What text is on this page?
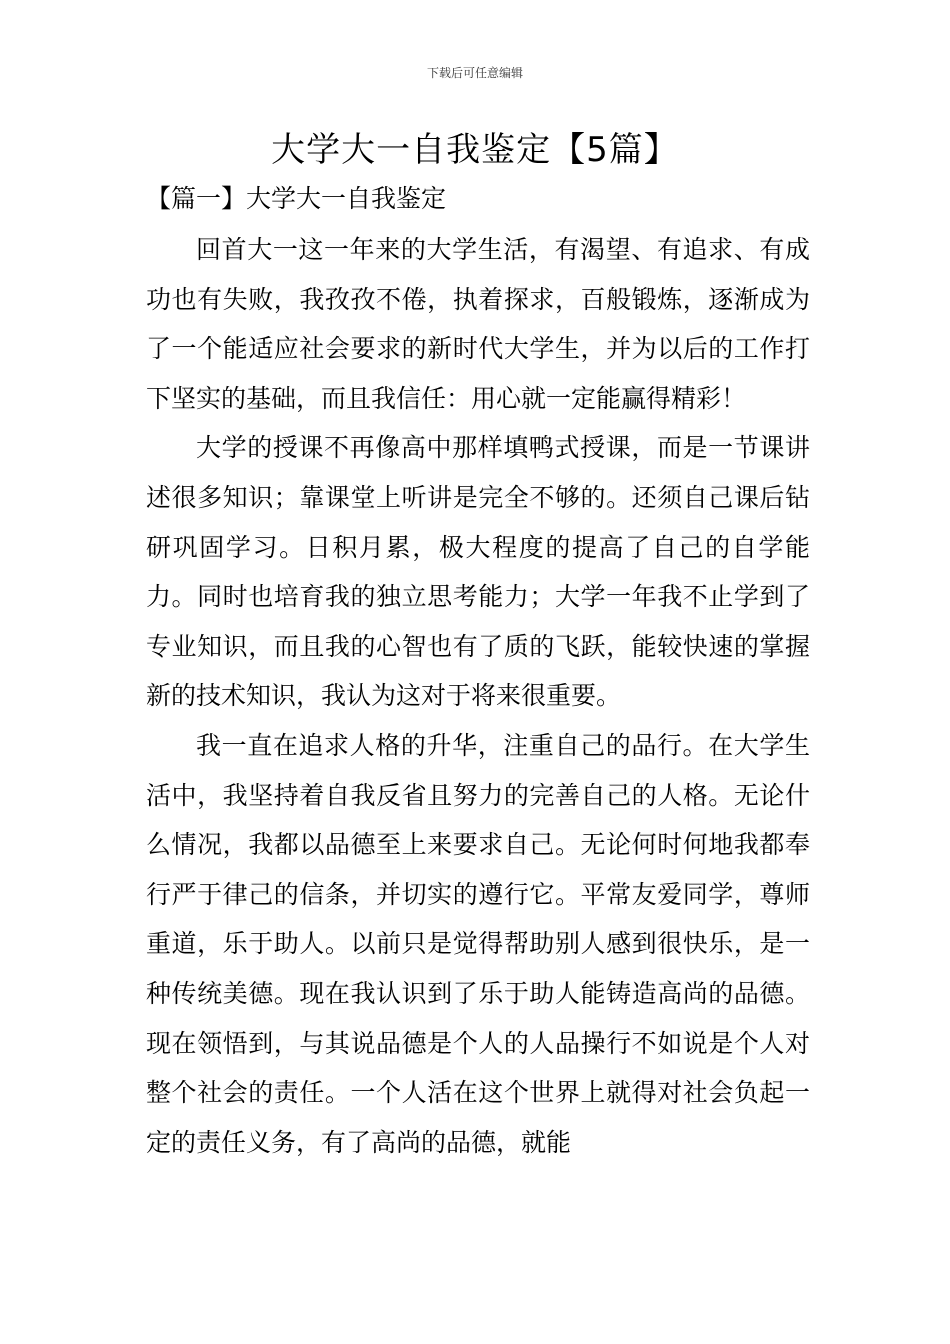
下载后可任意编辑
大学大一自我鉴定【5篇】
【篇一】大学大一自我鉴定

回首大一这一年来的大学生活，有渴望、有追求、有成功也有失败，我孜孜不倦，执着探求，百般锻炼，逐渐成为了一个能适应社会要求的新时代大学生，并为以后的工作打下坚实的基础，而且我信任：用心就一定能赢得精彩！

大学的授课不再像高中那样填鸭式授课，而是一节课讲述很多知识；靠课堂上听讲是完全不够的。还须自己课后钻研巩固学习。日积月累，极大程度的提高了自己的自学能力。同时也培育我的独立思考能力；大学一年我不止学到了专业知识，而且我的心智也有了质的飞跃，能较快速的掌握新的技术知识，我认为这对于将来很重要。

我一直在追求人格的升华，注重自己的品行。在大学生活中，我坚持着自我反省且努力的完善自己的人格。无论什么情况，我都以品德至上来要求自己。无论何时何地我都奉行严于律己的信条，并切实的遵行它。平常友爱同学，尊师重道，乐于助人。以前只是觉得帮助别人感到很快乐，是一种传统美德。现在我认识到了乐于助人能铸造高尚的品德。现在领悟到，与其说品德是个人的人品操行不如说是个人对整个社会的责任。一个人活在这个世界上就得对社会负起一定的责任义务，有了高尚的品德，就能
